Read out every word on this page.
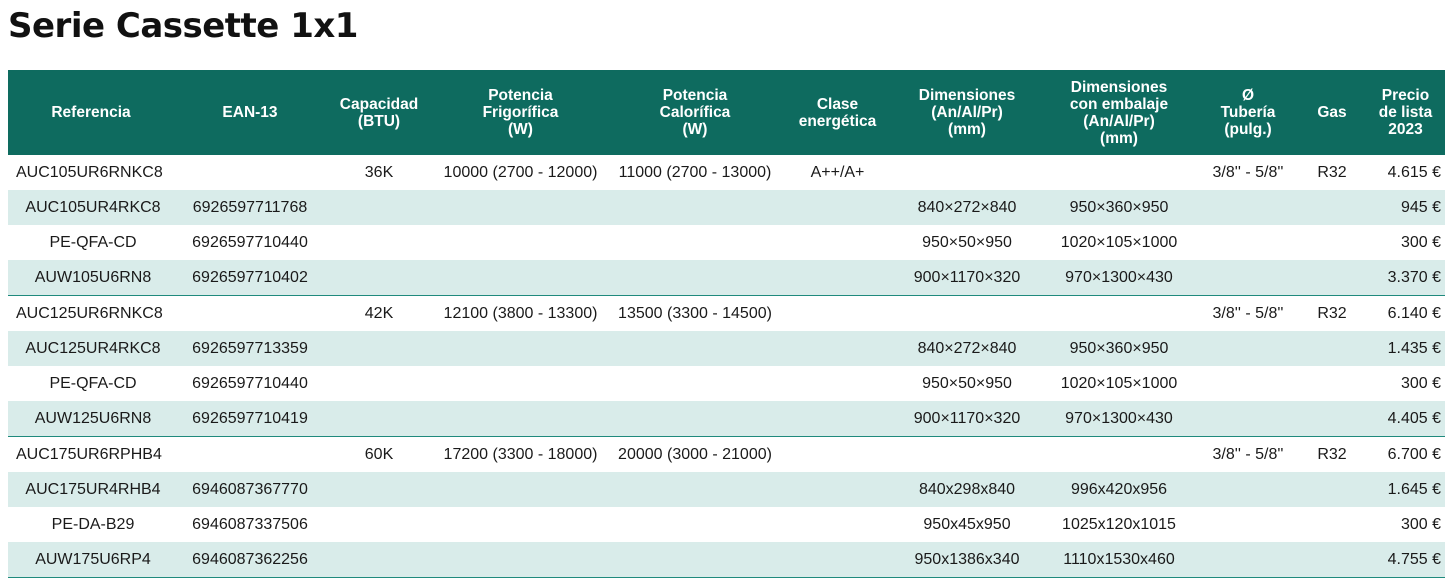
Serie Cassette 1x1
Referencia	EAN-13	Capacidad
(BTU)	Potencia
Frigorífica
(W)	Potencia
Calorífica
(W)	Clase
energética	Dimensiones
(An/Al/Pr)
(mm)	Dimensiones
con embalaje
(An/Al/Pr)
(mm)	Ø
Tubería
(pulg.)	Gas	Precio
de lista
2023
AUC105UR6RNKC8		36K	10000 (2700 - 12000)	11000 (2700 - 13000)	A++/A+			3/8'' - 5/8''	R32	4.615 €
AUC105UR4RKC8	6926597711768					840×272×840	950×360×950			945 €
PE-QFA-CD	6926597710440					950×50×950	1020×105×1000			300 €
AUW105U6RN8	6926597710402					900×1170×320	970×1300×430			3.370 €
AUC125UR6RNKC8		42K	12100 (3800 - 13300)	13500 (3300 - 14500)				3/8'' - 5/8''	R32	6.140 €
AUC125UR4RKC8	6926597713359					840×272×840	950×360×950			1.435 €
PE-QFA-CD	6926597710440					950×50×950	1020×105×1000			300 €
AUW125U6RN8	6926597710419					900×1170×320	970×1300×430			4.405 €
AUC175UR6RPHB4		60K	17200 (3300 - 18000)	20000 (3000 - 21000)				3/8'' - 5/8''	R32	6.700 €
AUC175UR4RHB4	6946087367770					840x298x840	996x420x956			1.645 €
PE-DA-B29	6946087337506					950x45x950	1025x120x1015			300 €
AUW175U6RP4	6946087362256					950x1386x340	1110x1530x460			4.755 €
